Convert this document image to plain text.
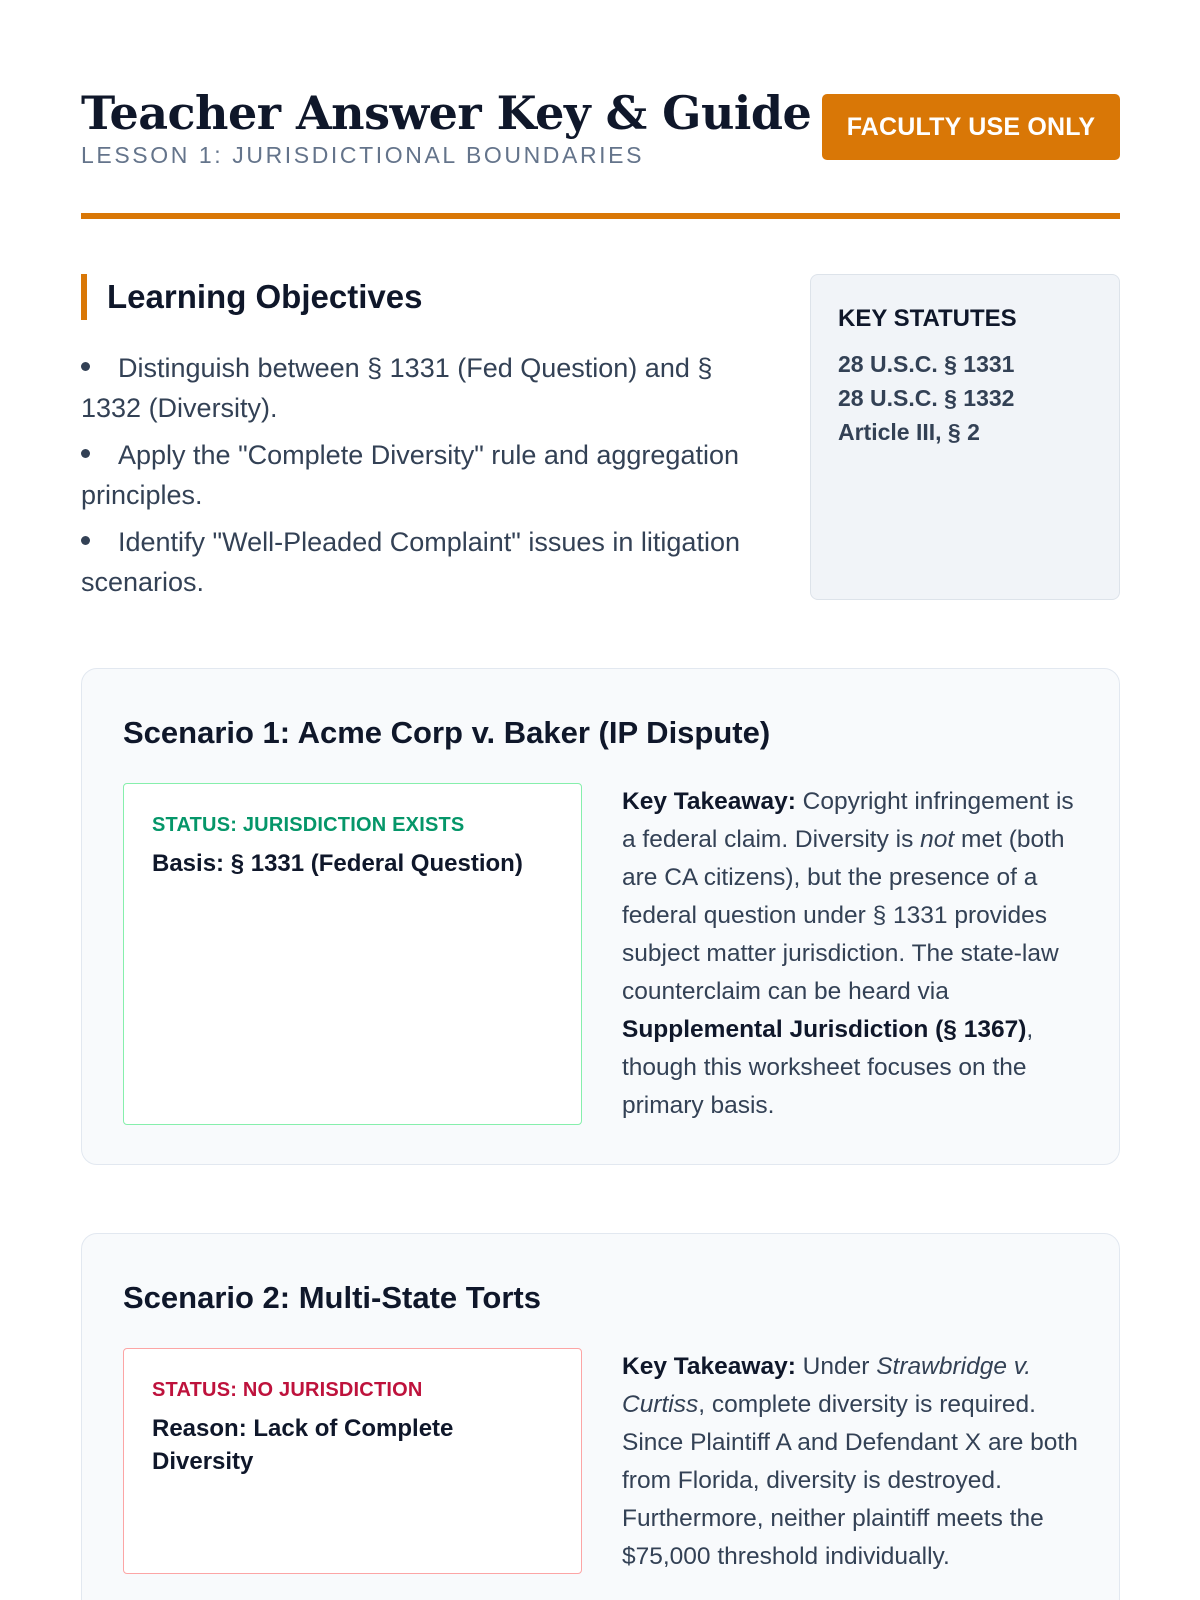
Teacher Answer Key & Guide
LESSON 1: JURISDICTIONAL BOUNDARIES
FACULTY USE ONLY
Learning Objectives
Distinguish between § 1331 (Fed Question) and § 1332 (Diversity).
Apply the "Complete Diversity" rule and aggregation principles.
Identify "Well-Pleaded Complaint" issues in litigation scenarios.
KEY STATUTES
28 U.S.C. § 1331
28 U.S.C. § 1332
Article III, § 2
Scenario 1: Acme Corp v. Baker (IP Dispute)
STATUS: JURISDICTION EXISTS
Basis: § 1331 (Federal Question)

Key Takeaway: Copyright infringement is a federal claim. Diversity is not met (both are CA citizens), but the presence of a federal question under § 1331 provides subject matter jurisdiction. The state-law counterclaim can be heard via Supplemental Jurisdiction (§ 1367), though this worksheet focuses on the primary basis.

Scenario 2: Multi-State Torts
STATUS: NO JURISDICTION
Reason: Lack of Complete Diversity

Key Takeaway: Under Strawbridge v. Curtiss, complete diversity is required. Since Plaintiff A and Defendant X are both from Florida, diversity is destroyed. Furthermore, neither plaintiff meets the $75,000 threshold individually.
